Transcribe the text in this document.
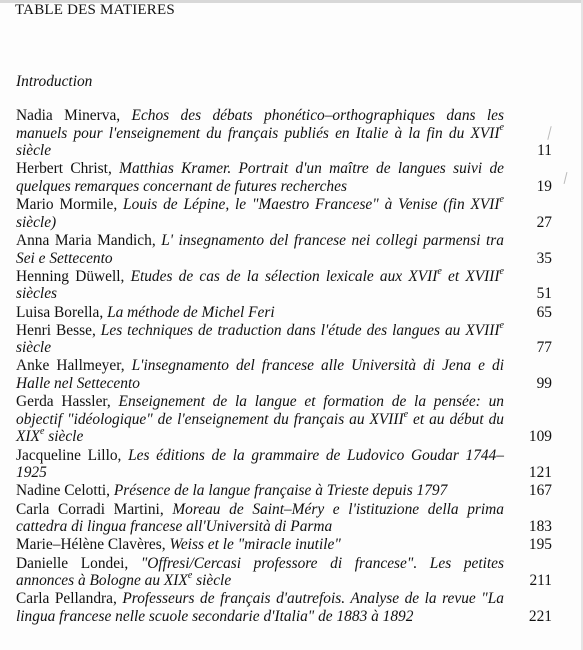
TABLE DES MATIERES
Introduction
Nadia Minerva, Echos des débats phonético–orthographiques dans les manuels pour l'enseignement du français publiés en Italie à la fin du XVIIe siècle	11
Herbert Christ, Matthias Kramer. Portrait d'un maître de langues suivi de quelques remarques concernant de futures recherches	19
Mario Mormile, Louis de Lépine, le "Maestro Francese" à Venise (fin XVIIe siècle)	27
Anna Maria Mandich, L' insegnamento del francese nei collegi parmensi tra Sei e Settecento	35
Henning Düwell, Etudes de cas de la sélection lexicale aux XVIIe et XVIIIe siècles	51
Luisa Borella, La méthode de Michel Feri	65
Henri Besse, Les techniques de traduction dans l'étude des langues au XVIIIe siècle	77
Anke Hallmeyer, L'insegnamento del francese alle Università di Jena e di Halle nel Settecento	99
Gerda Hassler, Enseignement de la langue et formation de la pensée: un objectif "idéologique" de l'enseignement du français au XVIIIe et au début du XIXe siècle	109
Jacqueline Lillo, Les éditions de la grammaire de Ludovico Goudar 1744–1925	121
Nadine Celotti, Présence de la langue française à Trieste depuis 1797	167
Carla Corradi Martini, Moreau de Saint–Méry e l'istituzione della prima cattedra di lingua francese all'Università di Parma	183
Marie–Hélène Clavères, Weiss et le "miracle inutile"	195
Danielle Londei, "Offresi/Cercasi professore di francese". Les petites annonces à Bologne au XIXe siècle	211
Carla Pellandra, Professeurs de français d'autrefois. Analyse de la revue "La lingua francese nelle scuole secondarie d'Italia" de 1883 à 1892	221
